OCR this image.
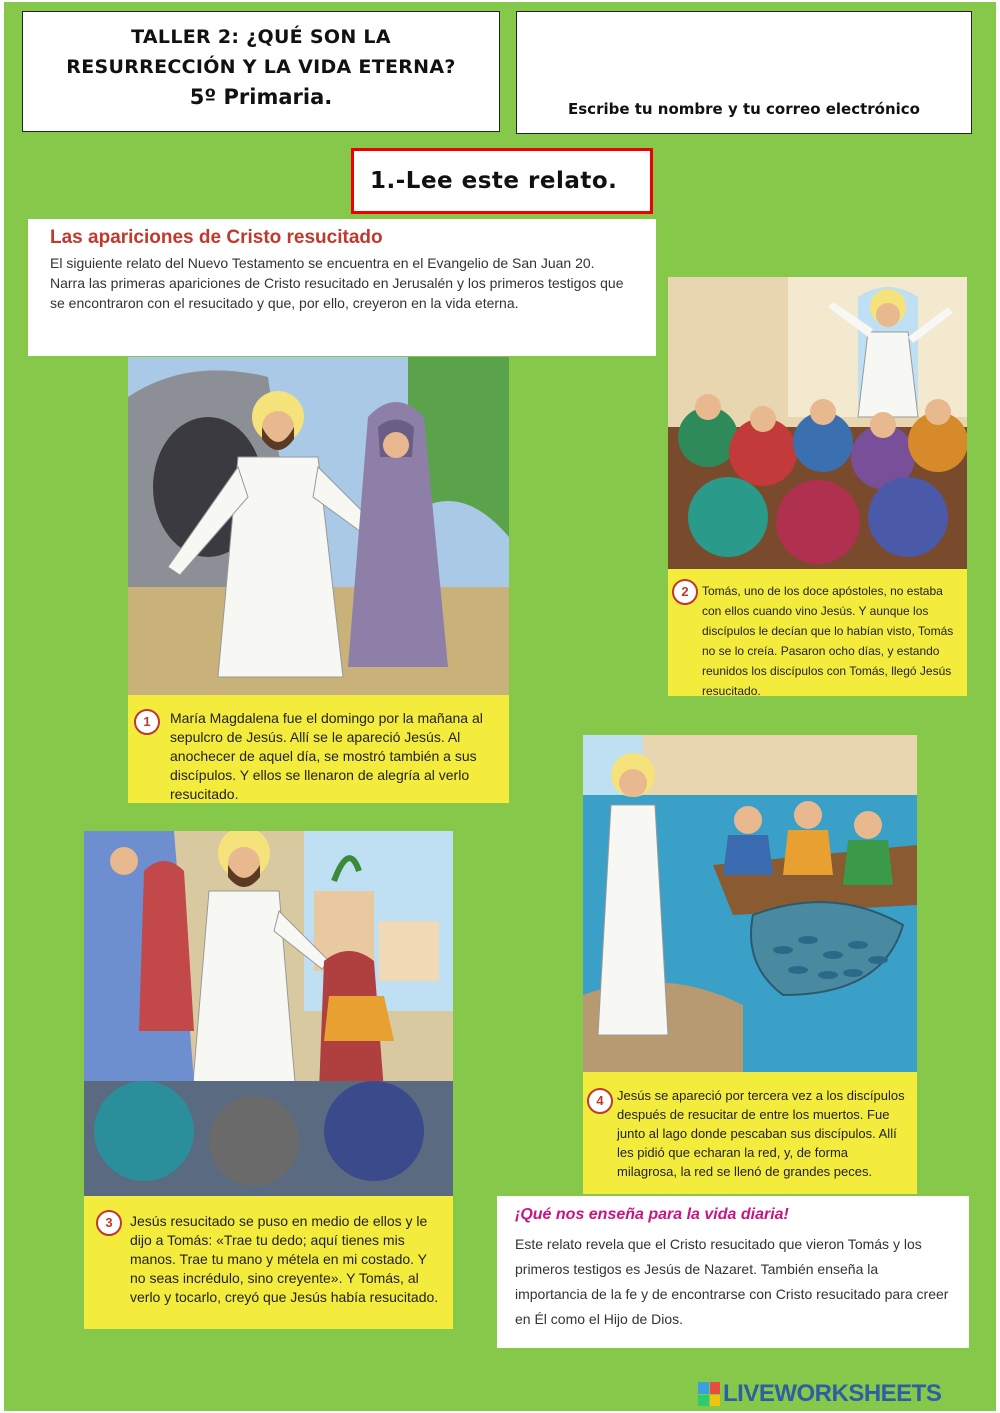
TALLER 2: ¿QUÉ SON LA
RESURRECCIÓN Y LA VIDA ETERNA?
5º Primaria.	Escribe tu nombre y tu correo electrónico
1.-Lee este relato.
Las apariciones de Cristo resucitado

El siguiente relato del Nuevo Testamento se encuentra en el Evangelio de San Juan 20.

Narra las primeras apariciones de Cristo resucitado en Jerusalén y los primeros testigos que se encontraron con el resucitado y que, por ello, creyeron en la vida eterna.

1	María Magdalena fue el domingo por la mañana al sepulcro de Jesús. Allí se le apareció Jesús. Al anochecer de aquel día, se mostró también a sus discípulos. Y ellos se llenaron de alegría al verlo resucitado.
2	Tomás, uno de los doce apóstoles, no estaba con ellos cuando vino Jesús. Y aunque los discípulos le decían que lo habían visto, Tomás no se lo creía. Pasaron ocho días, y estando reunidos los discípulos con Tomás, llegó Jesús resucitado.
3	Jesús resucitado se puso en medio de ellos y le dijo a Tomás: «Trae tu dedo; aquí tienes mis manos. Trae tu mano y métela en mi costado. Y no seas incrédulo, sino creyente». Y Tomás, al verlo y tocarlo, creyó que Jesús había resucitado.
4	Jesús se apareció por tercera vez a los discípulos después de resucitar de entre los muertos. Fue junto al lago donde pescaban sus discípulos. Allí les pidió que echaran la red, y, de forma milagrosa, la red se llenó de grandes peces.
¡Qué nos enseña para la vida diaria!

Este relato revela que el Cristo resucitado que vieron Tomás y los primeros testigos es Jesús de Nazaret. También enseña la importancia de la fe y de encontrarse con Cristo resucitado para creer en Él como el Hijo de Dios.

LIVEWORKSHEETS
